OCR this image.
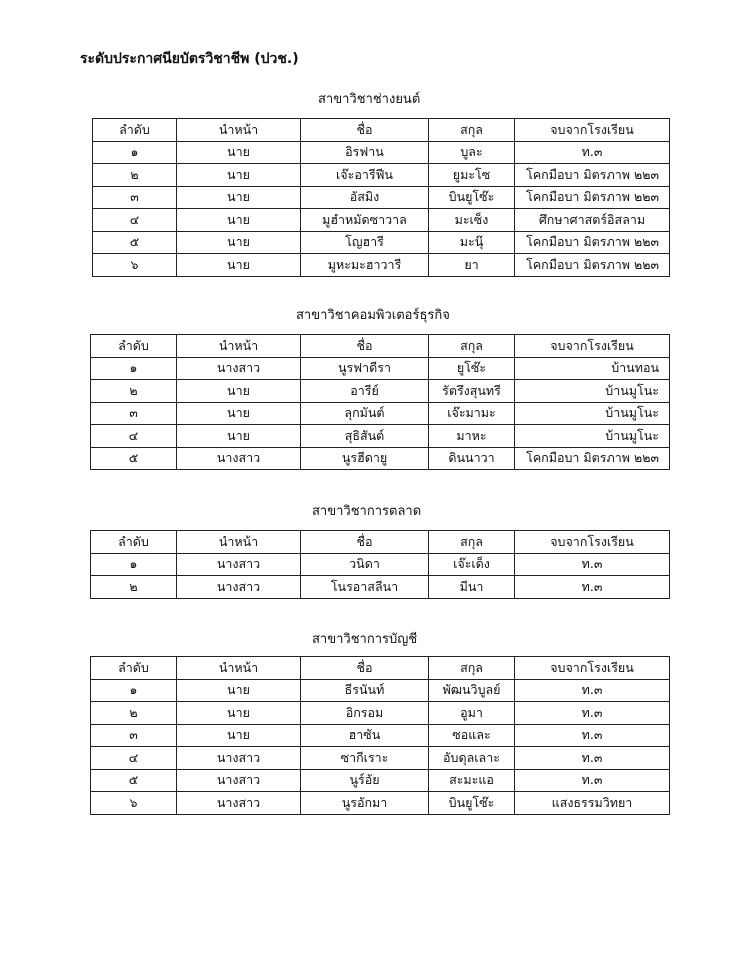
ระดับประกาศนียบัตรวิชาชีพ (ปวช.)
สาขาวิชาช่างยนต์
ลำดับ	นำหน้า	ชื่อ	สกุล	จบจากโรงเรียน
๑	นาย	อิรฟาน	บูละ	ท.๓
๒	นาย	เจ๊ะอารีฟีน	ยูมะโซ	โคกมือบา มิตรภาพ ๒๒๓
๓	นาย	อัสมิง	บินยูโซ๊ะ	โคกมือบา มิตรภาพ ๒๒๓
๔	นาย	มูฮำหมัดซาวาล	มะเซ็ง	ศึกษาศาสตร์อิสลาม
๕	นาย	โญฮารี	มะนุ๊	โคกมือบา มิตรภาพ ๒๒๓
๖	นาย	มูหะมะฮาวารี	ยา	โคกมือบา มิตรภาพ ๒๒๓
สาขาวิชาคอมพิวเตอร์ธุรกิจ
ลำดับ	นำหน้า	ชื่อ	สกุล	จบจากโรงเรียน
๑	นางสาว	นูรฟาดีรา	ยูโซ๊ะ	บ้านทอน
๒	นาย	อารีย์	รัตรึงสุนทรี	บ้านมูโนะ
๓	นาย	ลุกมันต์	เจ๊ะมามะ	บ้านมูโนะ
๔	นาย	สุธิสันต์	มาหะ	บ้านมูโนะ
๕	นางสาว	นูรฮีดายู	ดินนาวา	โคกมือบา มิตรภาพ ๒๒๓
สาขาวิชาการตลาด
ลำดับ	นำหน้า	ชื่อ	สกุล	จบจากโรงเรียน
๑	นางสาว	วนิดา	เจ๊ะเด็ง	ท.๓
๒	นางสาว	โนรอาสลีนา	มีนา	ท.๓
สาขาวิชาการบัญชี
ลำดับ	นำหน้า	ชื่อ	สกุล	จบจากโรงเรียน
๑	นาย	ธีรนันท์	พัฒนวิบูลย์	ท.๓
๒	นาย	อิกรอม	อูมา	ท.๓
๓	นาย	ฮาซัน	ซอและ	ท.๓
๔	นางสาว	ซากีเราะ	อับดุลเลาะ	ท.๓
๕	นางสาว	นูร์อัย	สะมะแอ	ท.๓
๖	นางสาว	นูรอักมา	บินยูโซ๊ะ	แสงธรรมวิทยา
